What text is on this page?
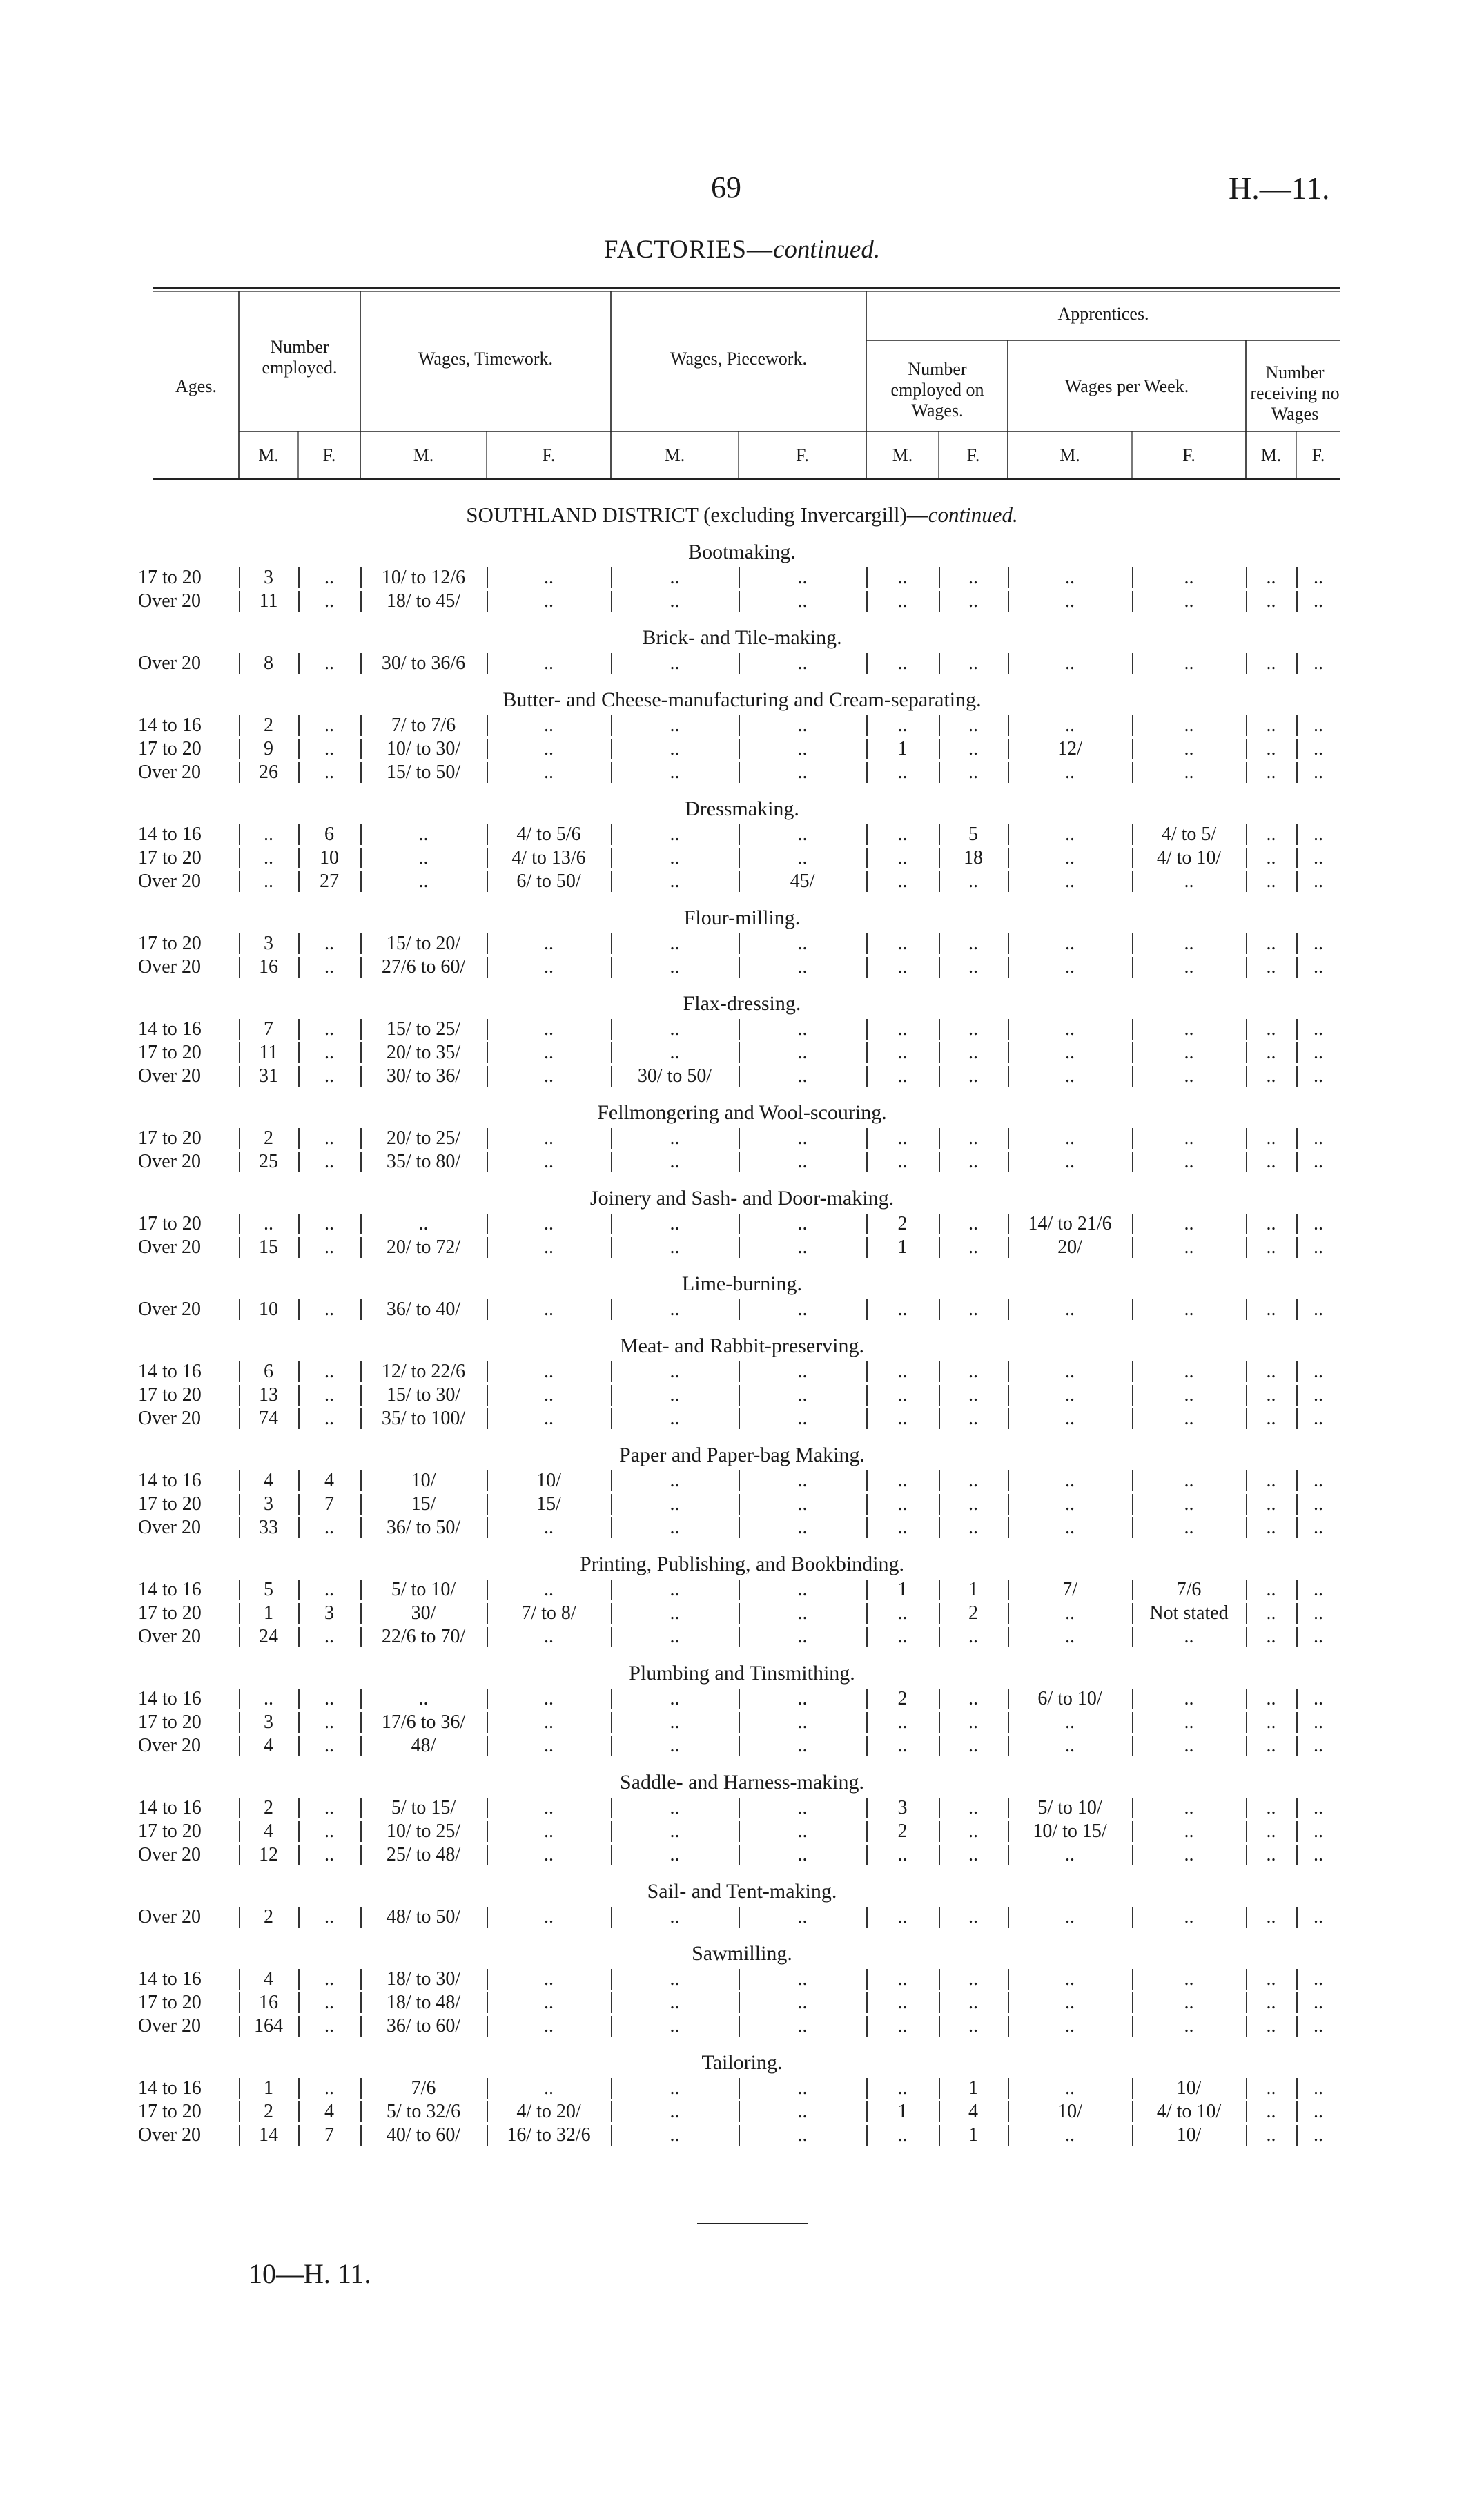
69	H.—11.
FACTORIES—continued.
Ages.
Number employed.	Wages, Timework.	Wages, Piecework.
Apprentices.
Number employed on Wages.
Wages per Week.
Number receiving no Wages
M.	F.	M.	F.	M.	F.	M.	F.	M.	F.	M.	F.
SOUTHLAND DISTRICT (excluding Invercargill)—continued.
Bootmaking.
17 to 20	3	..	10/ to 12/6	..	..	..	..	..	..	..	..	..
Over 20	11	..	18/ to 45/	..	..	..	..	..	..	..	..	..
Brick- and Tile-making.
Over 20	8	..	30/ to 36/6	..	..	..	..	..	..	..	..	..
Butter- and Cheese-manufacturing and Cream-separating.
14 to 16	2	..	7/ to 7/6	..	..	..	..	..	..	..	..	..
17 to 20	9	..	10/ to 30/	..	..	..	1	..	12/	..	..	..
Over 20	26	..	15/ to 50/	..	..	..	..	..	..	..	..	..
Dressmaking.
14 to 16	..	6	..	4/ to 5/6	..	..	..	5	..	4/ to 5/	..	..
17 to 20	..	10	..	4/ to 13/6	..	..	..	18	..	4/ to 10/	..	..
Over 20	..	27	..	6/ to 50/	..	45/	..	..	..	..	..	..
Flour-milling.
17 to 20	3	..	15/ to 20/	..	..	..	..	..	..	..	..	..
Over 20	16	..	27/6 to 60/	..	..	..	..	..	..	..	..	..
Flax-dressing.
14 to 16	7	..	15/ to 25/	..	..	..	..	..	..	..	..	..
17 to 20	11	..	20/ to 35/	..	..	..	..	..	..	..	..	..
Over 20	31	..	30/ to 36/	..	30/ to 50/	..	..	..	..	..	..	..
Fellmongering and Wool-scouring.
17 to 20	2	..	20/ to 25/	..	..	..	..	..	..	..	..	..
Over 20	25	..	35/ to 80/	..	..	..	..	..	..	..	..	..
Joinery and Sash- and Door-making.
17 to 20	..	..	..	..	..	..	2	..	14/ to 21/6	..	..	..
Over 20	15	..	20/ to 72/	..	..	..	1	..	20/	..	..	..
Lime-burning.
Over 20	10	..	36/ to 40/	..	..	..	..	..	..	..	..	..
Meat- and Rabbit-preserving.
14 to 16	6	..	12/ to 22/6	..	..	..	..	..	..	..	..	..
17 to 20	13	..	15/ to 30/	..	..	..	..	..	..	..	..	..
Over 20	74	..	35/ to 100/	..	..	..	..	..	..	..	..	..
Paper and Paper-bag Making.
14 to 16	4	4	10/	10/	..	..	..	..	..	..	..	..
17 to 20	3	7	15/	15/	..	..	..	..	..	..	..	..
Over 20	33	..	36/ to 50/	..	..	..	..	..	..	..	..	..
Printing, Publishing, and Bookbinding.
14 to 16	5	..	5/ to 10/	..	..	..	1	1	7/	7/6	..	..
17 to 20	1	3	30/	7/ to 8/	..	..	..	2	..	Not stated	..	..
Over 20	24	..	22/6 to 70/	..	..	..	..	..	..	..	..	..
Plumbing and Tinsmithing.
14 to 16	..	..	..	..	..	..	2	..	6/ to 10/	..	..	..
17 to 20	3	..	17/6 to 36/	..	..	..	..	..	..	..	..	..
Over 20	4	..	48/	..	..	..	..	..	..	..	..	..
Saddle- and Harness-making.
14 to 16	2	..	5/ to 15/	..	..	..	3	..	5/ to 10/	..	..	..
17 to 20	4	..	10/ to 25/	..	..	..	2	..	10/ to 15/	..	..	..
Over 20	12	..	25/ to 48/	..	..	..	..	..	..	..	..	..
Sail- and Tent-making.
Over 20	2	..	48/ to 50/	..	..	..	..	..	..	..	..	..
Sawmilling.
14 to 16	4	..	18/ to 30/	..	..	..	..	..	..	..	..	..
17 to 20	16	..	18/ to 48/	..	..	..	..	..	..	..	..	..
Over 20	164	..	36/ to 60/	..	..	..	..	..	..	..	..	..
Tailoring.
14 to 16	1	..	7/6	..	..	..	..	1	..	10/	..	..
17 to 20	2	4	5/ to 32/6	4/ to 20/	..	..	1	4	10/	4/ to 10/	..	..
Over 20	14	7	40/ to 60/	16/ to 32/6	..	..	..	1	..	10/	..	..
10—H. 11.
